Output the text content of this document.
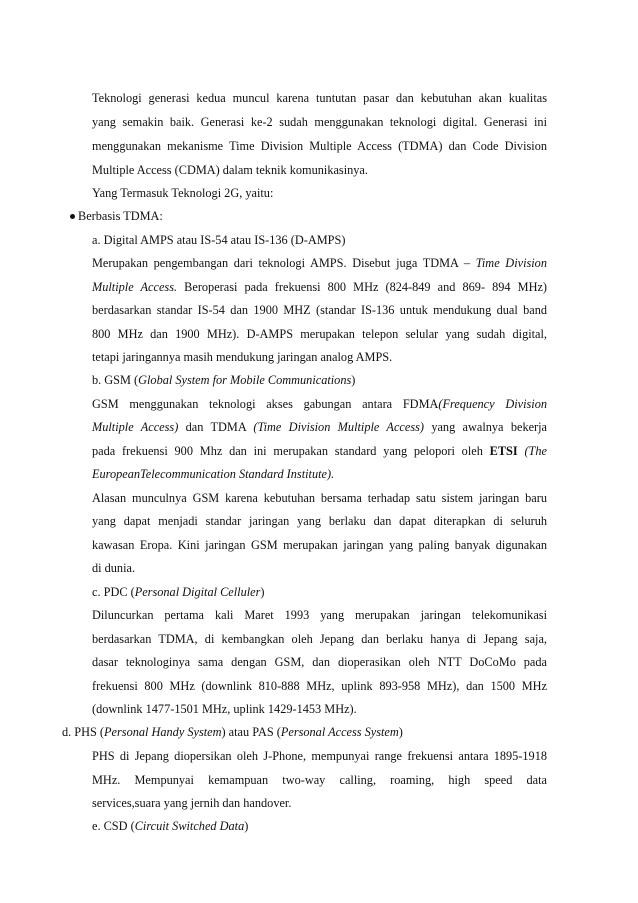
Teknologi generasi kedua muncul karena tuntutan pasar dan kebutuhan akan kualitas
yang semakin baik. Generasi ke-2 sudah menggunakan teknologi digital. Generasi ini
menggunakan mekanisme Time Division Multiple Access (TDMA) dan Code Division
Multiple Access (CDMA) dalam teknik komunikasinya.
Yang Termasuk Teknologi 2G, yaitu:
Berbasis TDMA:
a. Digital AMPS atau IS-54 atau IS-136 (D-AMPS)
Merupakan pengembangan dari teknologi AMPS. Disebut juga TDMA – Time Division
Multiple Access. Beroperasi pada frekuensi 800 MHz (824-849 and 869- 894 MHz)
berdasarkan standar IS-54 dan 1900 MHZ (standar IS-136 untuk mendukung dual band
800 MHz dan 1900 MHz). D-AMPS merupakan telepon selular yang sudah digital,
tetapi jaringannya masih mendukung jaringan analog AMPS.
b. GSM (Global System for Mobile Communications)
GSM menggunakan teknologi akses gabungan antara FDMA(Frequency Division
Multiple Access) dan TDMA (Time Division Multiple Access) yang awalnya bekerja
pada frekuensi 900 Mhz dan ini merupakan standard yang pelopori oleh ETSI (The
EuropeanTelecommunication Standard Institute).
Alasan munculnya GSM karena kebutuhan bersama terhadap satu sistem jaringan baru
yang dapat menjadi standar jaringan yang berlaku dan dapat diterapkan di seluruh
kawasan Eropa. Kini jaringan GSM merupakan jaringan yang paling banyak digunakan
di dunia.
c. PDC (Personal Digital Celluler)
Diluncurkan pertama kali Maret 1993 yang merupakan jaringan telekomunikasi
berdasarkan TDMA, di kembangkan oleh Jepang dan berlaku hanya di Jepang saja,
dasar teknologinya sama dengan GSM, dan dioperasikan oleh NTT DoCoMo pada
frekuensi 800 MHz (downlink 810-888 MHz, uplink 893-958 MHz), dan 1500 MHz
(downlink 1477-1501 MHz, uplink 1429-1453 MHz).
d. PHS (Personal Handy System) atau PAS (Personal Access System)
PHS di Jepang diopersikan oleh J-Phone, mempunyai range frekuensi antara 1895-1918
MHz. Mempunyai kemampuan two-way calling, roaming, high speed data
services,suara yang jernih dan handover.
e. CSD (Circuit Switched Data)
